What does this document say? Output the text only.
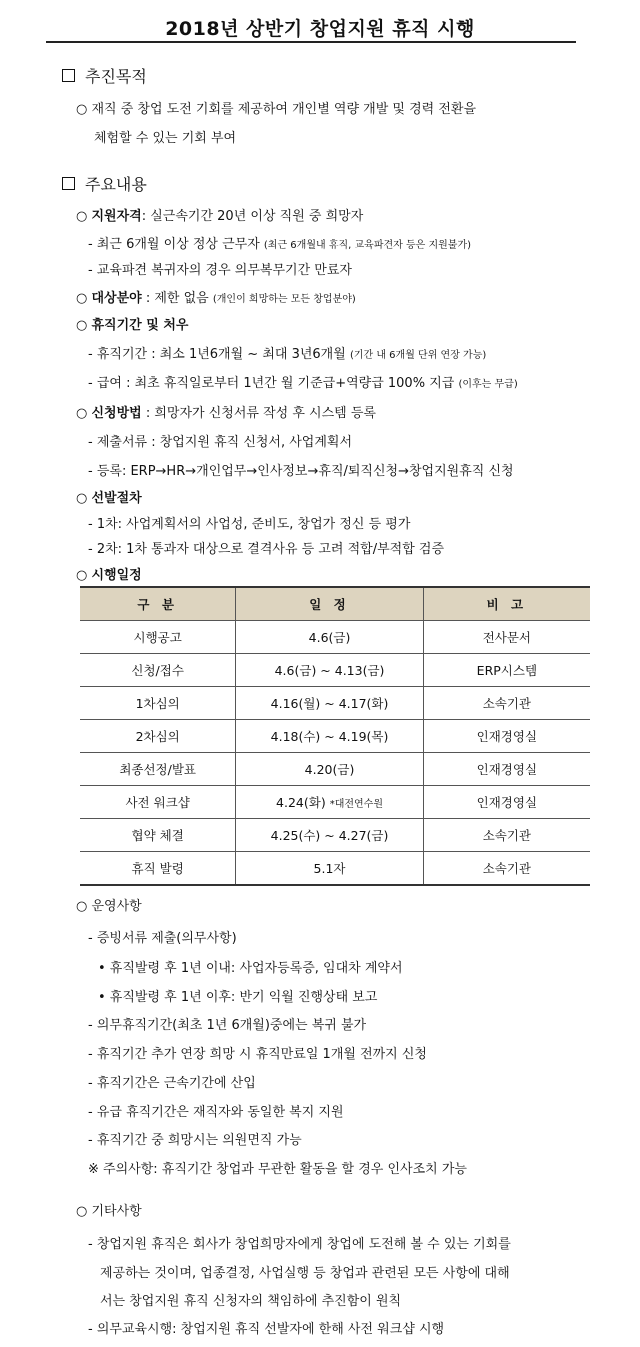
2018년 상반기 창업지원 휴직 시행
추진목적
○ 재직 중 창업 도전 기회를 제공하여 개인별 역량 개발 및 경력 전환을
체험할 수 있는 기회 부여
주요내용
○ 지원자격: 실근속기간 20년 이상 직원 중 희망자
- 최근 6개월 이상 정상 근무자 (최근 6개월내 휴직, 교육파견자 등은 지원불가)
- 교육파견 복귀자의 경우 의무복무기간 만료자
○ 대상분야 : 제한 없음 (개인이 희망하는 모든 창업분야)
○ 휴직기간 및 처우
- 휴직기간 : 최소 1년6개월 ~ 최대 3년6개월 (기간 내 6개월 단위 연장 가능)
- 급여 : 최초 휴직일로부터 1년간 월 기준급+역량급 100% 지급 (이후는 무급)
○ 신청방법 : 희망자가 신청서류 작성 후 시스템 등록
- 제출서류 : 창업지원 휴직 신청서, 사업계획서
- 등록: ERP→HR→개인업무→인사정보→휴직/퇴직신청→창업지원휴직 신청
○ 선발절차
- 1차: 사업계획서의 사업성, 준비도, 창업가 정신 등 평가
- 2차: 1차 통과자 대상으로 결격사유 등 고려 적합/부적합 검증
○ 시행일정
구 분	일 정	비 고
시행공고	4.6(금)	전사문서
신청/접수	4.6(금) ~ 4.13(금)	ERP시스템
1차심의	4.16(월) ~ 4.17(화)	소속기관
2차심의	4.18(수) ~ 4.19(목)	인재경영실
최종선정/발표	4.20(금)	인재경영실
사전 워크샵	4.24(화) *대전연수원	인재경영실
협약 체결	4.25(수) ~ 4.27(금)	소속기관
휴직 발령	5.1자	소속기관
○ 운영사항
- 증빙서류 제출(의무사항)
• 휴직발령 후 1년 이내: 사업자등록증, 임대차 계약서
• 휴직발령 후 1년 이후: 반기 익월 진행상태 보고
- 의무휴직기간(최초 1년 6개월)중에는 복귀 불가
- 휴직기간 추가 연장 희망 시 휴직만료일 1개월 전까지 신청
- 휴직기간은 근속기간에 산입
- 유급 휴직기간은 재직자와 동일한 복지 지원
- 휴직기간 중 희망시는 의원면직 가능
※ 주의사항: 휴직기간 창업과 무관한 활동을 할 경우 인사조치 가능
○ 기타사항
- 창업지원 휴직은 회사가 창업희망자에게 창업에 도전해 볼 수 있는 기회를
제공하는 것이며, 업종결정, 사업실행 등 창업과 관련된 모든 사항에 대해
서는 창업지원 휴직 신청자의 책임하에 추진함이 원칙
- 의무교육시행: 창업지원 휴직 선발자에 한해 사전 워크샵 시행
